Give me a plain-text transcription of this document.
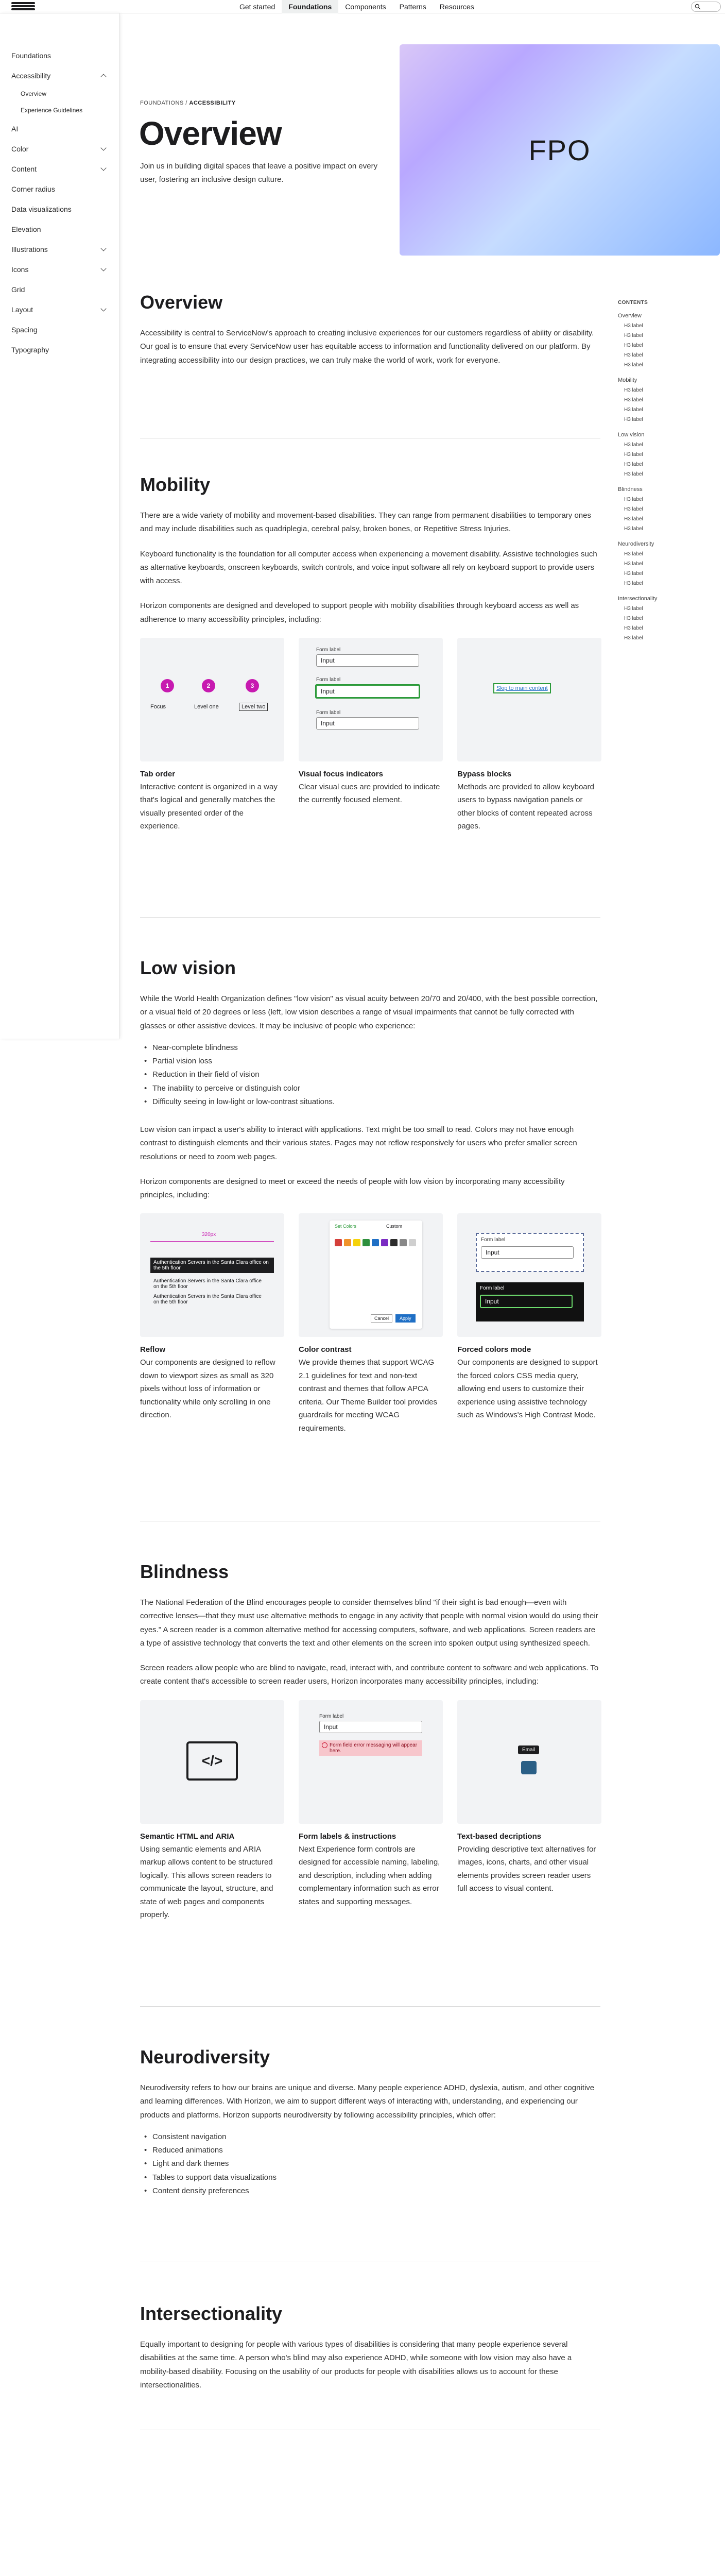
Get started	Foundations	Components	Patterns	Resources
Foundations
Accessibility
Overview
Experience Guidelines
AI
Color
Content
Corner radius
Data visualizations
Elevation
Illustrations
Icons
Grid
Layout
Spacing
Typography
FOUNDATIONS / ACCESSIBILITY
Overview
Join us in building digital spaces that leave a positive impact on every user, fostering an inclusive design culture.
FPO
CONTENTS
Overview
H3 label
H3 label
H3 label
H3 label
H3 label
Mobility
H3 label
H3 label
H3 label
H3 label
Low vision
H3 label
H3 label
H3 label
H3 label
Blindness
H3 label
H3 label
H3 label
H3 label
Neurodiversity
H3 label
H3 label
H3 label
H3 label
Intersectionality
H3 label
H3 label
H3 label
H3 label
Overview

Accessibility is central to ServiceNow's approach to creating inclusive experiences for our customers regardless of ability or disability. Our goal is to ensure that every ServiceNow user has equitable access to information and functionality delivered on our platform. By integrating accessibility into our design practices, we can truly make the world of work, work for everyone.

Mobility

There are a wide variety of mobility and movement-based disabilities. They can range from permanent disabilities to temporary ones and may include disabilities such as quadriplegia, cerebral palsy, broken bones, or Repetitive Stress Injuries.

Keyboard functionality is the foundation for all computer access when experiencing a movement disability. Assistive technologies such as alternative keyboards, onscreen keyboards, switch controls, and voice input software all rely on keyboard support to provide users with access.

Horizon components are designed and developed to support people with mobility disabilities through keyboard access as well as adherence to many accessibility principles, including:

1	2	3
Focus	Level one	Level two
Tab order
Interactive content is organized in a way that's logical and generally matches the visually presented order of the experience.
Form label
Input
Form label
Input
Form label
Input
Visual focus indicators
Clear visual cues are provided to indicate the currently focused element.
Skip to main content
Bypass blocks
Methods are provided to allow keyboard users to bypass navigation panels or other blocks of content repeated across pages.
Low vision

While the World Health Organization defines "low vision" as visual acuity between 20/70 and 20/400, with the best possible correction, or a visual field of 20 degrees or less (left, low vision describes a range of visual impairments that cannot be fully corrected with glasses or other assistive devices. It may be inclusive of people who experience:

• Near-complete blindness
• Partial vision loss
• Reduction in their field of vision
• The inability to perceive or distinguish color
• Difficulty seeing in low-light or low-contrast situations.

Low vision can impact a user's ability to interact with applications. Text might be too small to read. Colors may not have enough contrast to distinguish elements and their various states. Pages may not reflow responsively for users who prefer smaller screen resolutions or need to zoom web pages.

Horizon components are designed to meet or exceed the needs of people with low vision by incorporating many accessibility principles, including:

320px
Authentication Servers in the Santa Clara office on the 5th floor
Authentication Servers in the Santa Clara office on the 5th floor
Authentication Servers in the Santa Clara office on the 5th floor
Reflow
Our components are designed to reflow down to viewport sizes as small as 320 pixels without loss of information or functionality while only scrolling in one direction.
Set Colors	Custom
Cancel	Apply
Color contrast
We provide themes that support WCAG 2.1 guidelines for text and non-text contrast and themes that follow APCA criteria. Our Theme Builder tool provides guardrails for meeting WCAG requirements.
Form label
Input
Form label
Input
Forced colors mode
Our components are designed to support the forced colors CSS media query, allowing end users to customize their experience using assistive technology such as Windows's High Contrast Mode.
Blindness

The National Federation of the Blind encourages people to consider themselves blind "if their sight is bad enough—even with corrective lenses—that they must use alternative methods to engage in any activity that people with normal vision would do using their eyes." A screen reader is a common alternative method for accessing computers, software, and web applications. Screen readers are a type of assistive technology that converts the text and other elements on the screen into spoken output using synthesized speech.

Screen readers allow people who are blind to navigate, read, interact with, and contribute content to software and web applications. To create content that's accessible to screen reader users, Horizon incorporates many accessibility principles, including:

</>
Semantic HTML and ARIA
Using semantic elements and ARIA markup allows content to be structured logically. This allows screen readers to communicate the layout, structure, and state of web pages and components properly.
Form label
Input
Form field error messaging will appear here.
Form labels & instructions
Next Experience form controls are designed for accessible naming, labeling, and description, including when adding complementary information such as error states and supporting messages.
Email
Text-based decriptions
Providing descriptive text alternatives for images, icons, charts, and other visual elements provides screen reader users full access to visual content.
Neurodiversity

Neurodiversity refers to how our brains are unique and diverse. Many people experience ADHD, dyslexia, autism, and other cognitive and learning differences. With Horizon, we aim to support different ways of interacting with, understanding, and experiencing our products and platforms. Horizon supports neurodiversity by following accessibility principles, which offer:

• Consistent navigation
• Reduced animations
• Light and dark themes
• Tables to support data visualizations
• Content density preferences
Intersectionality

Equally important to designing for people with various types of disabilities is considering that many people experience several disabilities at the same time. A person who's blind may also experience ADHD, while someone with low vision may also have a mobility-based disability. Focusing on the usability of our products for people with disabilities allows us to account for these intersectionalities.
